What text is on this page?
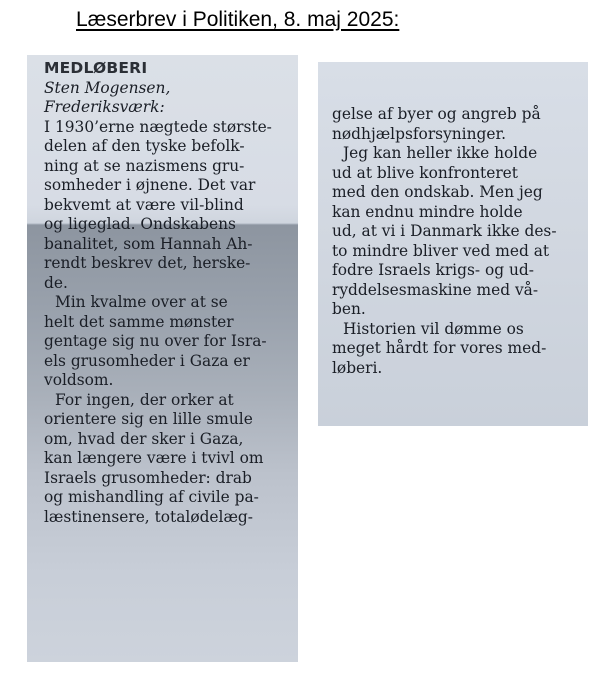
Læserbrev i Politiken, 8. maj 2025:
MEDLØBERI
Sten Mogensen,
Frederiksværk:
I 1930’erne nægtede største-
delen af den tyske befolk-
ning at se nazismens gru-
somheder i øjnene. Det var
bekvemt at være vil-blind
og ligeglad. Ondskabens
banalitet, som Hannah Ah-
rendt beskrev det, herske-
de.
Min kvalme over at se
helt det samme mønster
gentage sig nu over for Isra-
els grusomheder i Gaza er
voldsom.
For ingen, der orker at
orientere sig en lille smule
om, hvad der sker i Gaza,
kan længere være i tvivl om
Israels grusomheder: drab
og mishandling af civile pa-
læstinensere, totalødelæg-
gelse af byer og angreb på
nødhjælpsforsyninger.
Jeg kan heller ikke holde
ud at blive konfronteret
med den ondskab. Men jeg
kan endnu mindre holde
ud, at vi i Danmark ikke des-
to mindre bliver ved med at
fodre Israels krigs- og ud-
ryddelsesmaskine med vå-
ben.
Historien vil dømme os
meget hårdt for vores med-
løberi.
